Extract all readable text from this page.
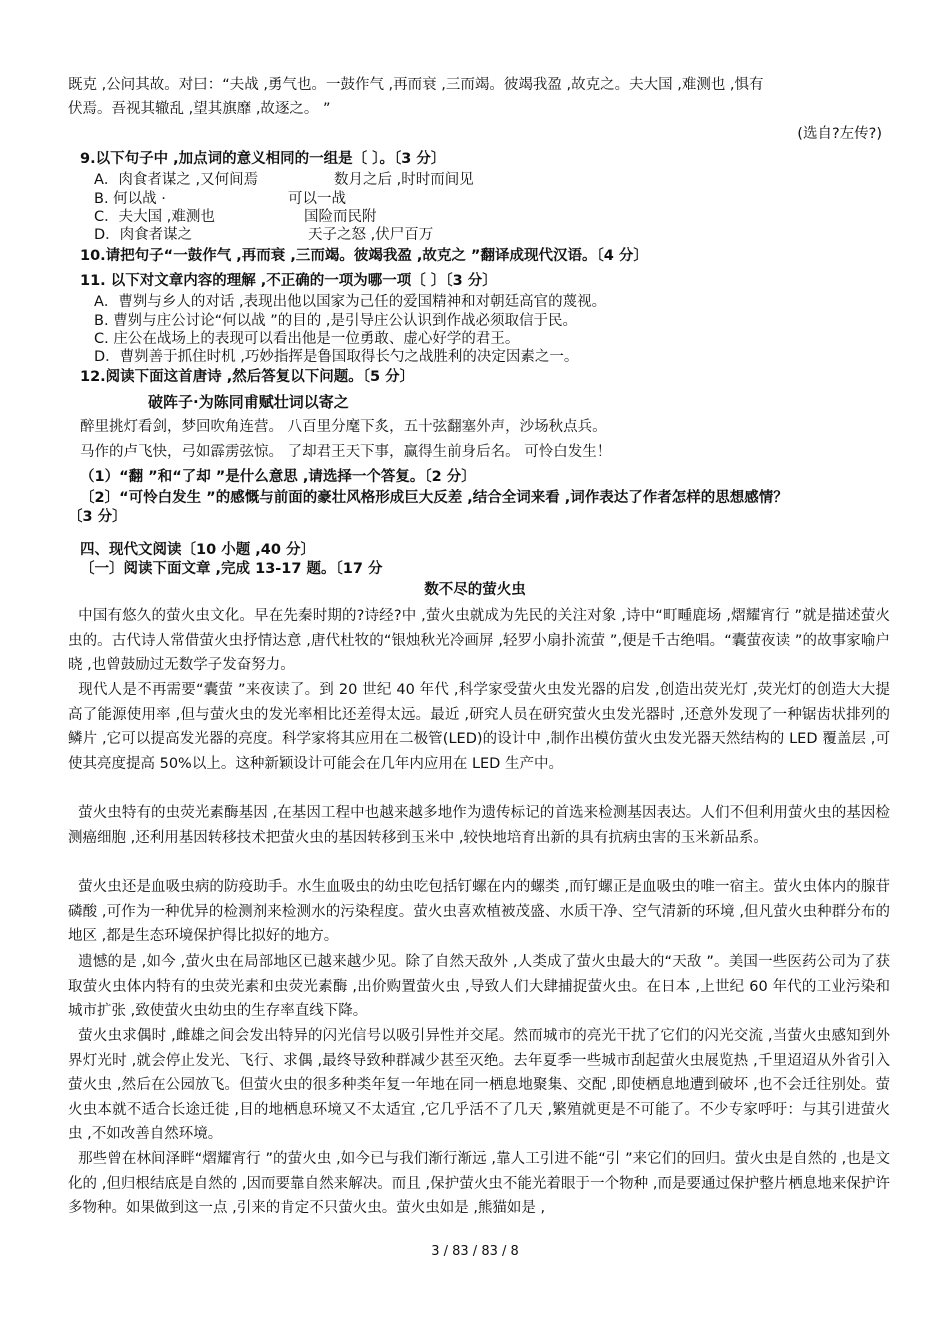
既克 ,公问其故。对曰：“夫战 ,勇气也。一鼓作气 ,再而衰 ,三而竭。彼竭我盈 ,故克之。夫大国 ,难测也 ,惧有
伏焉。吾视其辙乱 ,望其旗靡 ,故逐之。 ”
(选自?左传?)
9.以下句子中 ,加点词的意义相同的一组是〔 〕。〔3 分〕
A．肉食者谋之 ,又何间焉	数月之后 ,时时而间见
B. 何以战 ·	可以一战
C．夫大国 ,难测也	国险而民附
D．肉食者谋之	天子之怒 ,伏尸百万
10.请把句子“一鼓作气 ,再而衰 ,三而竭。彼竭我盈 ,故克之 ”翻译成现代汉语。〔4 分〕
11. 以下对文章内容的理解 ,不正确的一项为哪一项〔 〕〔3 分〕
A．曹刿与乡人的对话 ,表现出他以国家为己任的爱国精神和对朝廷高官的蔑视。
B. 曹刿与庄公讨论“何以战 ”的目的 ,是引导庄公认识到作战必须取信于民。
C. 庄公在战场上的表现可以看出他是一位勇敢、虚心好学的君王。
D．曹刿善于抓住时机 ,巧妙指挥是鲁国取得长勺之战胜利的决定因素之一。
12.阅读下面这首唐诗 ,然后答复以下问题。〔5 分〕
破阵子·为陈同甫赋壮词以寄之
醉里挑灯看剑，梦回吹角连营。 八百里分麾下炙，五十弦翻塞外声，沙场秋点兵。
马作的卢飞快，弓如霹雳弦惊。 了却君王天下事，赢得生前身后名。 可怜白发生！
（1）“翻 ”和“了却 ”是什么意思 ,请选择一个答复。〔2 分〕
〔2〕“可怜白发生 ”的感慨与前面的豪壮风格形成巨大反差 ,结合全词来看 ,词作表达了作者怎样的思想感情？
〔3 分〕
四、现代文阅读〔10 小题 ,40 分〕
〔一〕阅读下面文章 ,完成 13-17 题。〔17 分
数不尽的萤火虫
中国有悠久的萤火虫文化。早在先秦时期的?诗经?中 ,萤火虫就成为先民的关注对象 ,诗中“町畽鹿场 ,熠耀宵行 ”就是描述萤火虫的。古代诗人常借萤火虫抒情达意 ,唐代杜牧的“银烛秋光冷画屏 ,轻罗小扇扑流萤 ”,便是千古绝唱。“囊萤夜读 ”的故事家喻户晓 ,也曾鼓励过无数学子发奋努力。
现代人是不再需要“囊萤 ”来夜读了。到 20 世纪 40 年代 ,科学家受萤火虫发光器的启发 ,创造出荧光灯 ,荧光灯的创造大大提高了能源使用率 ,但与萤火虫的发光率相比还差得太远。最近 ,研究人员在研究萤火虫发光器时 ,还意外发现了一种锯齿状排列的鳞片 ,它可以提高发光器的亮度。科学家将其应用在二极管(LED)的设计中 ,制作出模仿萤火虫发光器天然结构的 LED 覆盖层 ,可使其亮度提高 50%以上。这种新颖设计可能会在几年内应用在 LED 生产中。
萤火虫特有的虫荧光素酶基因 ,在基因工程中也越来越多地作为遗传标记的首选来检测基因表达。人们不但利用萤火虫的基因检测癌细胞 ,还利用基因转移技术把萤火虫的基因转移到玉米中 ,较快地培育出新的具有抗病虫害的玉米新品系。
萤火虫还是血吸虫病的防疫助手。水生血吸虫的幼虫吃包括钉螺在内的螺类 ,而钉螺正是血吸虫的唯一宿主。萤火虫体内的腺苷磷酸 ,可作为一种优异的检测剂来检测水的污染程度。萤火虫喜欢植被茂盛、水质干净、空气清新的环境 ,但凡萤火虫种群分布的地区 ,都是生态环境保护得比拟好的地方。
遗憾的是 ,如今 ,萤火虫在局部地区已越来越少见。除了自然天敌外 ,人类成了萤火虫最大的“天敌 ”。美国一些医药公司为了获取萤火虫体内特有的虫荧光素和虫荧光素酶 ,出价购置萤火虫 ,导致人们大肆捕捉萤火虫。在日本 ,上世纪 60 年代的工业污染和城市扩张 ,致使萤火虫幼虫的生存率直线下降。
萤火虫求偶时 ,雌雄之间会发出特异的闪光信号以吸引异性并交尾。然而城市的亮光干扰了它们的闪光交流 ,当萤火虫感知到外界灯光时 ,就会停止发光、飞行、求偶 ,最终导致种群减少甚至灭绝。去年夏季一些城市刮起萤火虫展览热 ,千里迢迢从外省引入萤火虫 ,然后在公园放飞。但萤火虫的很多种类年复一年地在同一栖息地聚集、交配 ,即使栖息地遭到破坏 ,也不会迁往别处。萤火虫本就不适合长途迁徙 ,目的地栖息环境又不太适宜 ,它几乎活不了几天 ,繁殖就更是不可能了。不少专家呼吁：与其引进萤火虫 ,不如改善自然环境。
那些曾在林间泽畔“熠耀宵行 ”的萤火虫 ,如今已与我们渐行渐远 ,靠人工引进不能“引 ”来它们的回归。萤火虫是自然的 ,也是文化的 ,但归根结底是自然的 ,因而要靠自然来解决。而且 ,保护萤火虫不能光着眼于一个物种 ,而是要通过保护整片栖息地来保护许多物种。如果做到这一点 ,引来的肯定不只萤火虫。萤火虫如是 ,熊猫如是 ,
3 / 83 / 83 / 8
